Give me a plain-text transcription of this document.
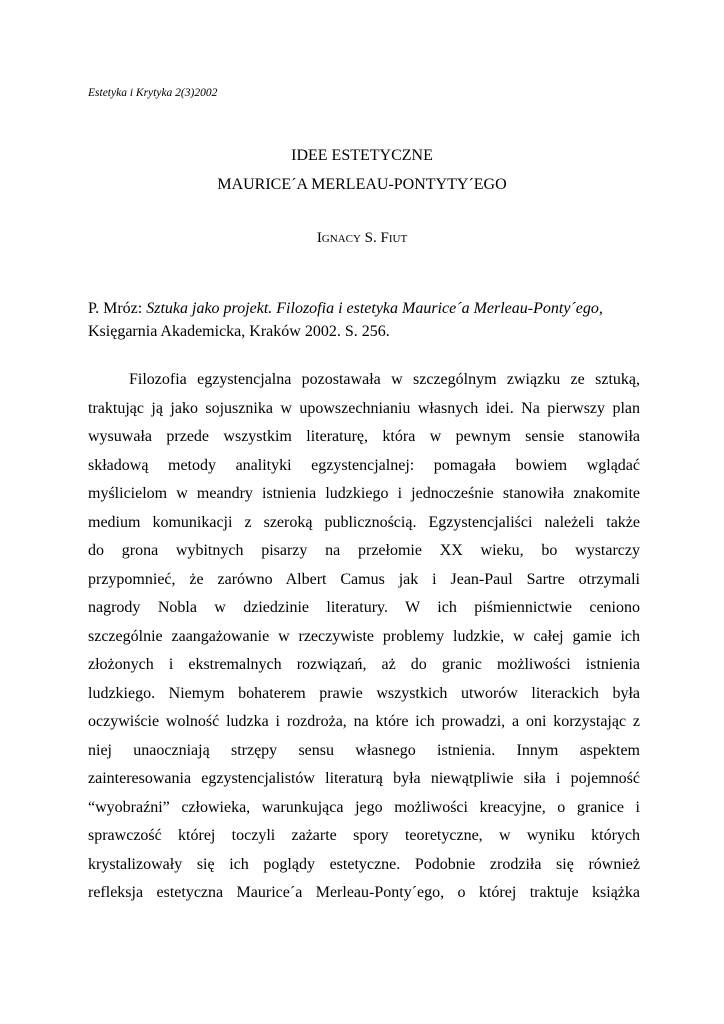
Estetyka i Krytyka 2(3)2002
IDEE ESTETYCZNE
MAURICE´A MERLEAU-PONTYTY´EGO
Ignacy S. Fiut
P. Mróz: Sztuka jako projekt. Filozofia i estetyka Maurice´a Merleau-Ponty´ego,
Księgarnia Akademicka, Kraków 2002. S. 256.
Filozofia egzystencjalna pozostawała w szczególnym związku ze sztuką,
traktując ją jako sojusznika w upowszechnianiu własnych idei. Na pierwszy plan
wysuwała przede wszystkim literaturę, która w pewnym sensie stanowiła
składową metody analityki egzystencjalnej: pomagała bowiem wglądać
myślicielom w meandry istnienia ludzkiego i jednocześnie stanowiła znakomite
medium komunikacji z szeroką publicznością. Egzystencjaliści należeli także
do grona wybitnych pisarzy na przełomie XX wieku, bo wystarczy
przypomnieć, że zarówno Albert Camus jak i Jean-Paul Sartre otrzymali
nagrody Nobla w dziedzinie literatury. W ich piśmiennictwie ceniono
szczególnie zaangażowanie w rzeczywiste problemy ludzkie, w całej gamie ich
złożonych i ekstremalnych rozwiązań, aż do granic możliwości istnienia
ludzkiego. Niemym bohaterem prawie wszystkich utworów literackich była
oczywiście wolność ludzka i rozdroża, na które ich prowadzi, a oni korzystając z
niej unaoczniają strzępy sensu własnego istnienia. Innym aspektem
zainteresowania egzystencjalistów literaturą była niewątpliwie siła i pojemność
“wyobraźni” człowieka, warunkująca jego możliwości kreacyjne, o granice i
sprawczość której toczyli zażarte spory teoretyczne, w wyniku których
krystalizowały się ich poglądy estetyczne. Podobnie zrodziła się również
refleksja estetyczna Maurice´a Merleau-Ponty´ego, o której traktuje książka
